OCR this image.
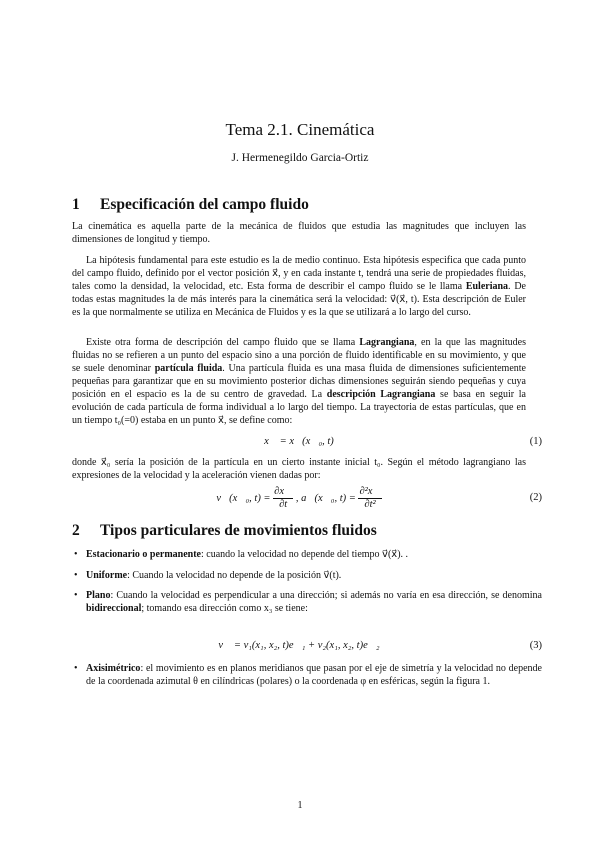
Tema 2.1. Cinemática
J. Hermenegildo Garcia-Ortiz
1 Especificación del campo fluido
La cinemática es aquella parte de la mecánica de fluidos que estudia las magnitudes que incluyen las dimensiones de longitud y tiempo.
La hipótesis fundamental para este estudio es la de medio continuo. Esta hipótesis especifica que cada punto del campo fluido, definido por el vector posición x⃗, y en cada instante t, tendrá una serie de propiedades fluidas, tales como la densidad, la velocidad, etc. Esta forma de describir el campo fluido se le llama Euleriana. De todas estas magnitudes la de más interés para la cinemática será la velocidad: v⃗(x⃗, t). Esta descripción de Euler es la que normalmente se utiliza en Mecánica de Fluidos y es la que se utilizará a lo largo del curso.
Existe otra forma de descripción del campo fluido que se llama Lagrangiana, en la que las magnitudes fluidas no se refieren a un punto del espacio sino a una porción de fluido identificable en su movimiento, y que se suele denominar partícula fluida. Una partícula fluida es una masa fluida de dimensiones suficientemente pequeñas para garantizar que en su movimiento posterior dichas dimensiones seguirán siendo pequeñas y cuya posición en el espacio es la de su centro de gravedad. La descripción Lagrangiana se basa en seguir la evolución de cada partícula de forma individual a lo largo del tiempo. La trayectoria de estas partículas, que en un tiempo t₀(=0) estaba en un punto x⃗, se define como:
x⃗ = x⃗(x⃗₀, t)	(1)
donde x⃗₀ sería la posición de la partícula en un cierto instante inicial t₀. Según el método lagrangiano las expresiones de la velocidad y la aceleración vienen dadas por:
v⃗(x⃗₀, $t) = \frac{\partial x⃗}{\partial t}$ , a⃗(x⃗₀, $t) = \frac{\text{∂²x⃗}}{\text{∂t²}}$	(2)
2 Tipos particulares de movimientos fluidos
• Estacionario o permanente: cuando la velocidad no depende del tiempo v⃗(x⃗). .
• Uniforme: Cuando la velocidad no depende de la posición v⃗(t).
• Plano: Cuando la velocidad es perpendicular a una dirección; si además no varía en esa dirección, se denomina bidireccional; tomando esa dirección como x₃ se tiene:
v⃗ = v₁(x₁, x₂, t)e⃗₁ + v₂(x₁, x₂, t)e⃗₂	(3)
• Axisimétrico: el movimiento es en planos meridianos que pasan por el eje de simetría y la velocidad no depende de la coordenada azimutal θ en cilíndricas (polares) o la coordenada φ en esféricas, según la figura 1.
1
